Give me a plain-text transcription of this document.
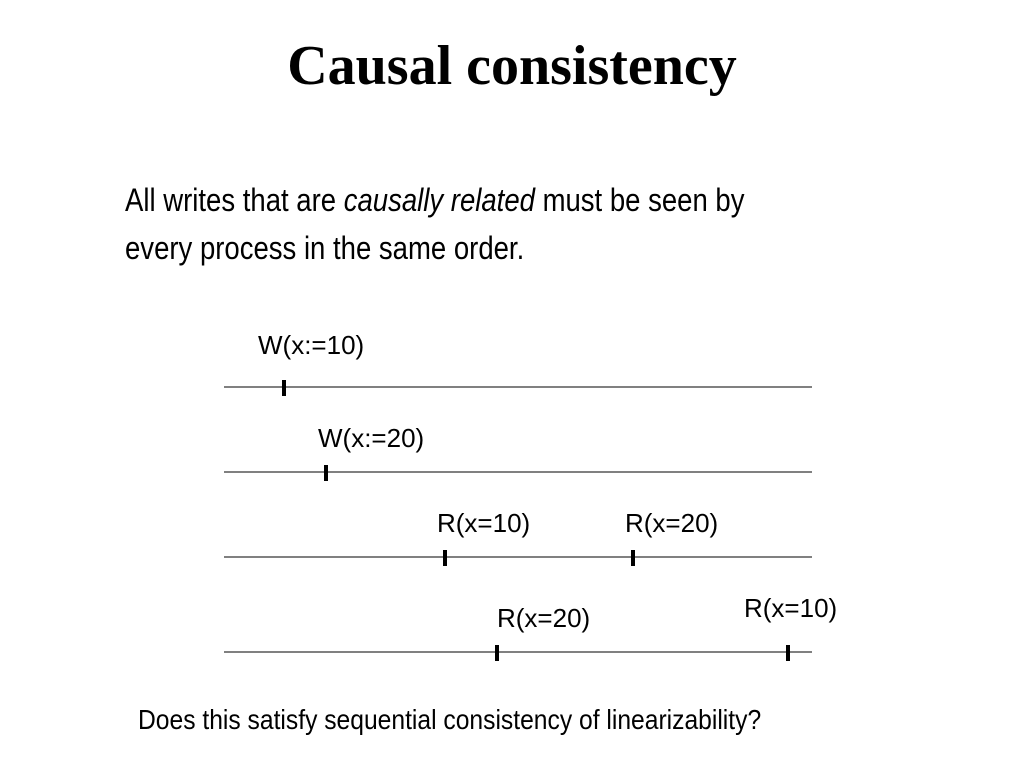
Causal consistency

All writes that are causally related must be seen by
every process in the same order.

W(x:=10)
W(x:=20)
R(x=10)	R(x=20)
R(x=20)	R(x=10)

Does this satisfy sequential consistency of linearizability?
